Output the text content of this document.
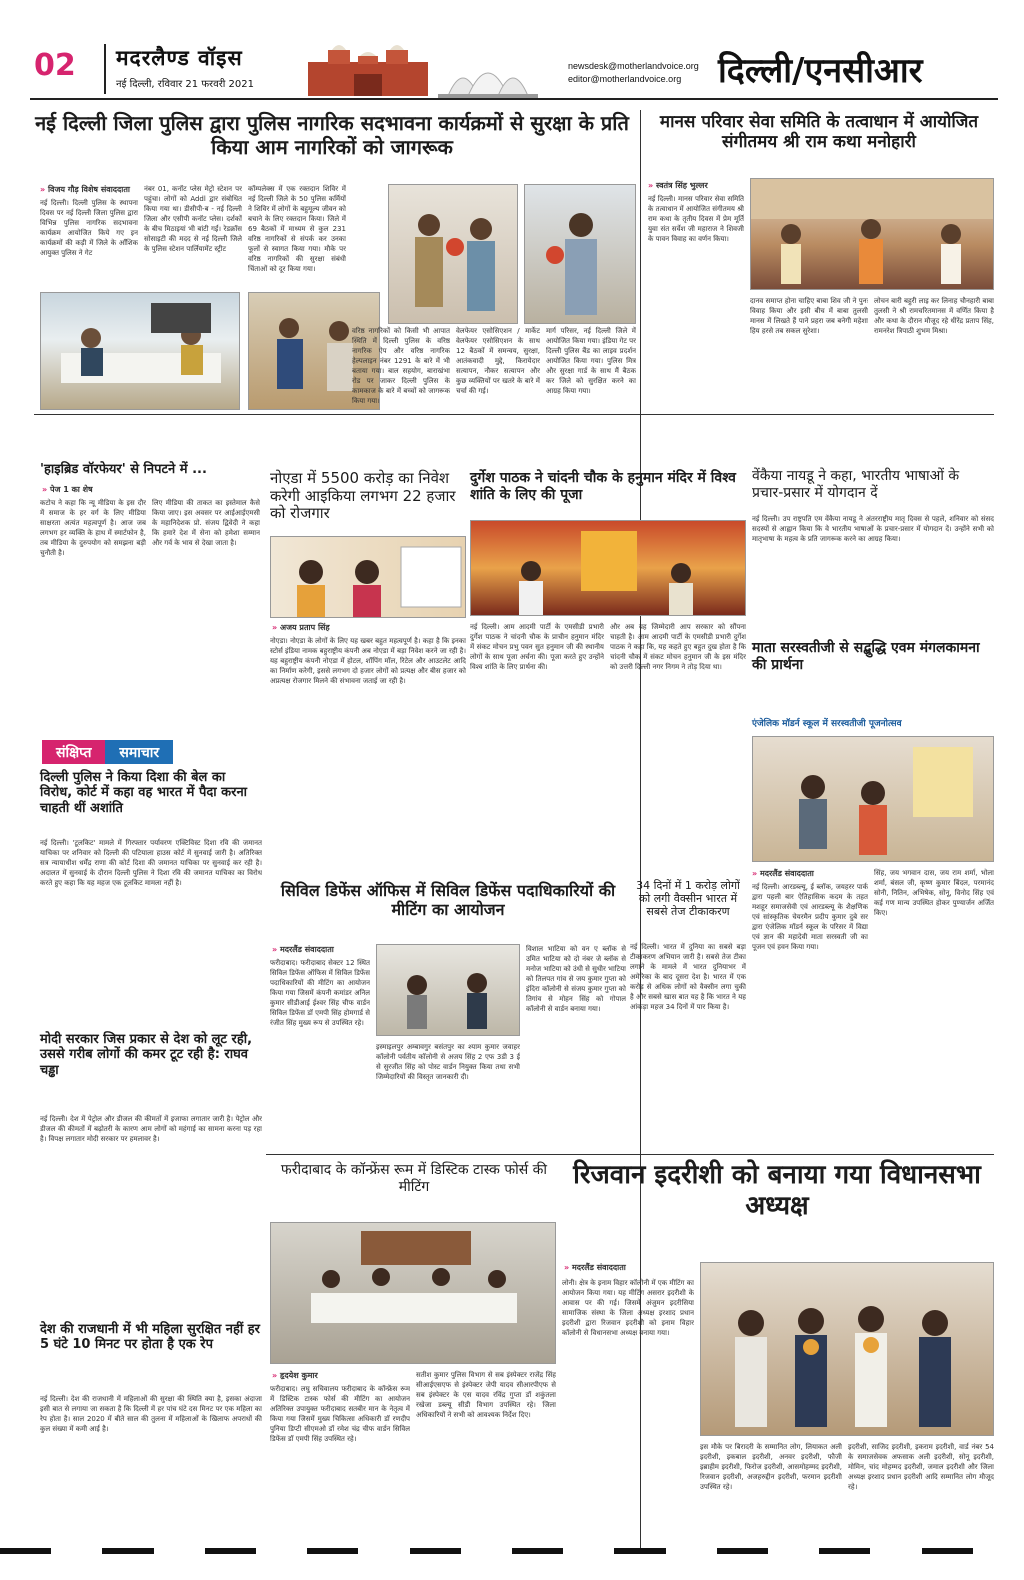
02 मदरलैण्ड वॉइस
नई दिल्ली, रविवार 21 फरवरी 2021
newsdesk@motherlandvoice.org
editor@motherlandvoice.org	दिल्ली/एनसीआर
नई दिल्ली जिला पुलिस द्वारा पुलिस नागरिक सदभावना कार्यक्रमों से सुरक्षा के प्रति किया आम नागरिकों को जागरूक
» विजय गौड़ विशेष संवाददाता
नई दिल्ली। दिल्ली पुलिस के स्थापना दिवस पर नई दिल्ली जिला पुलिस द्वारा विभिन्न पुलिस नागरिक सदभावना कार्यक्रम आयोजित किये गए इन कार्यक्रमों की कड़ी में जिले के आँशिक आयुक्त पुलिस ने गेट
नंबर 01, कनॉट प्लेस मेट्रो स्टेशन पर पहुंचा। लोगों को Addl द्वार संबोधित किया गया था। डीसीपी-ब - नई दिल्ली जिला और एसीपी कनॉट प्लेस। दर्शकों के बीच मिठाइयां भी बांटी गईं। रेडक्रॉस सोसाइटी की मदद से नई दिल्ली जिले के पुलिस स्टेशन पार्लियामेंट स्ट्रीट
कॉम्पलेक्स में एक रक्तदान शिविर में नई दिल्ली जिले के 50 पुलिस कर्मियों ने शिविर में लोगों के बहुमूल्य जीवन को बचाने के लिए रक्तदान किया। जिले में 69 बैठकों में माध्यम से कुल 231 वरिष्ठ नागरिकों से संपर्क कर उनका फूलों से स्वागत किया गया। मौके पर वरिष्ठ नागरिकों की सुरक्षा संबंधी चिंताओं को दूर किया गया।
वरिष्ठ नागरिकों को किसी भी आपात स्थिति में दिल्ली पुलिस के वरिष्ठ नागरिक ऐप और वरिष्ठ नागरिक हेल्पलाइन नंबर 1291 के बारे में भी बताया गया। बाल सहयोग, बाराखंभा रोड पर जाकर दिल्ली पुलिस के कामकाज के बारे में बच्चों को जागरूक किया गया।
वेलफेयर एसोसिएशन / मार्केट वेलफेयर एसोसिएशन के साथ 12 बैठकों में समन्वय, सुरक्षा, आतंकवादी मुद्दे, किरायेदार सत्यापन, नौकर सत्यापन और कुछ व्यक्तियों पर खतरे के बारे में चर्चा की गई।
मार्ग परिसर, नई दिल्ली जिले में आयोजित किया गया। इंडिया गेट पर दिल्ली पुलिस बैंड का लाइव प्रदर्शन आयोजित किया गया। पुलिस मित्र और सुरक्षा गार्ड के साथ मैं बैठक कर जिले को सुरक्षित करने का आग्रह किया गया।
मानस परिवार सेवा समिति के तत्वाधान में आयोजित संगीतमय श्री राम कथा मनोहारी
» स्वतंत्र सिंह भुल्लर
नई दिल्ली। मानस परिवार सेवा समिति के तत्वाधान में आयोजित संगीतमय श्री राम कथा के तृतीय दिवस में प्रेम मूर्ति युवा संत सर्वेश जी महाराज ने शिवजी के पावन विवाह का वर्णन किया।
दानव समाप्त होना चाहिए बाबा शिव जी ने पुनः विवाह किया और इसी बीच में बाबा तुलसी मानस में लिखते हैं पाने प्रहरा जब बनेगी महेशा हिय हरसे तब सकल सुरेशा।
लोचन बारी बहुरी लाइ कर लिनाह चौनहारी बाबा तुलसी ने श्री रामचरितमानस में वर्णित किया है और कथा के दौरान मौजूद रहे धीरेंद्र प्रताप सिंह, रामनरेश त्रिपाठी शुभम मिश्रा।
'हाइब्रिड वॉरफेयर' से निपटने में ...
» पेज 1 का शेष
कटोच ने कहा कि न्यू मीडिया के इस दौर में समाज के हर वर्ग के लिए मीडिया साक्षरता अत्यंत महत्वपूर्ण है। आज जब लगभग हर व्यक्ति के हाथ में स्मार्टफोन है, तब मीडिया के दुरुपयोग को समझना बड़ी चुनौती है।
लिए मीडिया की ताकत का इस्तेमाल कैसे किया जाए। इस अवसर पर आईआईएमसी के महानिदेशक प्रो. संजय द्विवेदी ने कहा कि हमारे देश में सेना को हमेशा सम्मान और गर्व के भाव से देखा जाता है।
नोएडा में 5500 करोड़ का निवेश करेगी आइकिया लगभग 22 हजार को रोजगार
» अजय प्रताप सिंह
नोएडा। नोएडा के लोगों के लिए यह खबर बहुत महत्वपूर्ण है। कहा है कि इनका स्टोर्स इंडिया नामक बहुराष्ट्रीय कंपनी अब नोएडा में बड़ा निवेश करने जा रही है। यह बहुराष्ट्रीय कंपनी नोएडा में होटल, शॉपिंग मॉल, रिटेल और आउटलेट आदि का निर्माण करेगी, इससे लगभग दो हजार लोगों को प्रत्यक्ष और बीस हजार को अप्रत्यक्ष रोजगार मिलने की संभावना जताई जा रही है।
दुर्गेश पाठक ने चांदनी चौक के हनुमान मंदिर में विश्व शांति के लिए की पूजा
नई दिल्ली। आम आदमी पार्टी के एमसीडी प्रभारी दुर्गेश पाठक ने चांदनी चौक के प्राचीन हनुमान मंदिर में संकट मोचन प्रभु पवन सुत हनुमान जी की स्थानीय लोगों के साथ पूजा अर्चना की। पूजा करते हुए उन्होंने विश्व शांति के लिए प्रार्थना की।
और अब यह जिम्मेदारी आप सरकार को सौंपना चाहती है। आम आदमी पार्टी के एमसीडी प्रभारी दुर्गेश पाठक ने कहा कि, यह कहते हुए बहुत दुख होता है कि चांदनी चौक में संकट मोचन हनुमान जी के इस मंदिर को उत्तरी दिल्ली नगर निगम ने तोड़ दिया था।
वेंकैया नायडू ने कहा, भारतीय भाषाओं के प्रचार-प्रसार में योगदान दें
नई दिल्ली। उप राष्ट्रपति एम वेंकैया नायडू ने अंतरराष्ट्रीय मातृ दिवस से पहले, शनिवार को संसद सदस्यों से आह्वान किया कि वे भारतीय भाषाओं के प्रचार-प्रसार में योगदान दें। उन्होंने सभी को मातृभाषा के महत्व के प्रति जागरूक करने का आग्रह किया।
माता सरस्वतीजी से सद्बुद्धि एवम मंगलकामना की प्रार्थना
एंजेलिक मॉडर्न स्कूल में सरस्वतीजी पूजनोत्सव
» मदरलैंड संवाददाता
नई दिल्ली। आरडब्ल्यू, ई ब्लॉक, जयहरर पार्क द्वारा पहली बार ऐतिहासिक कदम के तहत मशहूर समाजसेवी एवं आरडब्ल्यू के शैक्षणिक एवं सांस्कृतिक चेयरमैन प्रदीप कुमार दुबे सर द्वारा एंजेलिक मॉडर्न स्कूल के परिसर में विद्या एवं ज्ञान की महादेवी माता सरस्वती जी का पूजन एवं हवन किया गया।
सिंह, जय भगवान दास, जय राम शर्मा, भोला शर्मा, बंसल जी, कृष्ण कुमार बिंदल, परमानंद सोनी, नितिन, अभिषेक, सोनू, विनोद सिंह एवं कई गण मान्य उपस्थित होकर पुण्यार्जन अर्जित किए।
संक्षिप्त	समाचार
दिल्ली पुलिस ने किया दिशा की बेल का विरोध, कोर्ट में कहा वह भारत में पैदा करना चाहती थीं अशांति
नई दिल्ली। 'टूलकिट' मामले में गिरफ्तार पर्यावरण एक्टिविस्ट दिशा रवि की जमानत याचिका पर शनिवार को दिल्ली की पटियाला हाउस कोर्ट में सुनवाई जारी है। अतिरिक्त सत्र न्यायाधीश धर्मेंद्र राणा की कोर्ट दिशा की जमानत याचिका पर सुनवाई कर रही है। अदालत में सुनवाई के दौरान दिल्ली पुलिस ने दिशा रवि की जमानत याचिका का विरोध करते हुए कहा कि यह महज एक टूलकिट मामला नहीं है।
मोदी सरकार जिस प्रकार से देश को लूट रही, उससे गरीब लोगों की कमर टूट रही है: राघव चड्ढा
नई दिल्ली। देश में पेट्रोल और डीजल की कीमतों में इजाफा लगातार जारी है। पेट्रोल और डीजल की कीमतों में बढ़ोतरी के कारण आम लोगों को महंगाई का सामना करना पड़ रहा है। विपक्ष लगातार मोदी सरकार पर हमलावर है।
देश की राजधानी में भी महिला सुरक्षित नहीं हर 5 घंटे 10 मिनट पर होता है एक रेप
नई दिल्ली। देश की राजधानी में महिलाओं की सुरक्षा की स्थिति क्या है, इसका अंदाजा इसी बात से लगाया जा सकता है कि दिल्ली में हर पांच घंटे दस मिनट पर एक महिला का रेप होता है। साल 2020 में बीते साल की तुलना में महिलाओं के खिलाफ अपराधों की कुल संख्या में कमी आई है।
सिविल डिफेंस ऑफिस में सिविल डिफेंस पदाधिकारियों की मीटिंग का आयोजन
» मदरलैंड संवाददाता
फरीदाबाद। फरीदाबाद सेक्टर 12 स्थित सिविल डिफेंस ऑफिस में सिविल डिफेंस पदाधिकारियों की मीटिंग का आयोजन किया गया जिसमें कंपनी कमांडर अनिल कुमार सीडीआई ईश्वर सिंह चीफ वार्डन सिविल डिफेंस डॉ एमपी सिंह होमगार्ड से रंजीत सिंह मुख्य रूप से उपस्थित रहे।
इस्माइलपुर अम्बावगुर बसंतपुर का श्याम कुमार जवाहर कॉलोनी पर्वतीय कॉलोनी से अजय सिंह 2 एफ 3डी 3 ई से सुरजीत सिंह को पोस्ट वार्डन नियुक्त किया तथा सभी जिम्मेदारियों की विस्तृत जानकारी दी।
विशाल भाटिया को वन ए ब्लॉक से उमित भाटिया को दो नंबर जे ब्लॉक से मनोज भाटिया को उंधी से सुधीर भाटिया को तिलपत गांव से जय कुमार गुप्ता को इंदिरा कॉलोनी से संजय कुमार गुप्ता को तिगांव से मोहन सिंह को गोपाल कॉलोनी से वार्डन बनाया गया।
34 दिनों में 1 करोड़ लोगों को लगी वैक्सीन भारत में सबसे तेज टीकाकरण
नई दिल्ली। भारत में दुनिया का सबसे बड़ा टीकाकरण अभियान जारी है। सबसे तेज टीका लगाने के मामले में भारत दुनियाभर में अमेरिका के बाद दूसरा देश है। भारत में एक करोड़ से अधिक लोगों को वैक्सीन लगा चुकी है और सबसे खास बात यह है कि भारत ने यह आंकड़ा महज 34 दिनों में पार किया है।
फरीदाबाद के कॉन्फ्रेंस रूम में डिस्टिक टास्क फोर्स की मीटिंग
» हृदयेश कुमार
फरीदाबाद। लघु सचिवालय फरीदाबाद के कॉन्फ्रेंस रूम में डिस्टिक टास्क फोर्स की मीटिंग का आयोजन अतिरिक्त उपायुक्त फरीदाबाद सतबीर मान के नेतृत्व में किया गया जिसमें मुख्य चिकित्सा अधिकारी डॉ रणदीप पुनिया डिप्टी सीएमओ डॉ रमेश चंद्र चीफ वार्डन सिविल डिफेंस डॉ एमपी सिंह उपस्थित रहे।
सतीश कुमार पुलिस विभाग से सब इंस्पेक्टर राजेंद्र सिंह सीआईएसएफ से इंस्पेक्टर जेपी यादव सीआरपीएफ से सब इंस्पेक्टर के एस यादव रविंद्र गुप्ता डॉ शकुंतला रखेजा डब्ल्यू सीडी विभाग उपस्थित रहे। जिला अधिकारियों ने सभी को आवश्यक निर्देश दिए।
रिजवान इदरीशी को बनाया गया विधानसभा अध्यक्ष
» मदरलैंड संवाददाता
लोनी। क्षेत्र के इनाम विहार कॉलोनी में एक मीटिंग का आयोजन किया गया। यह मीटिंग असरार इदरीशी के आवास पर की गई। जिसमें अंजुमन इदरीसिया सामाजिक संस्था के जिला अध्यक्ष इरशाद प्रधान इदरीशी द्वारा रिजवान इदरीशी को इनाम विहार कॉलोनी से विधानसभा अध्यक्ष बनाया गया।
इस मौके पर बिरादरी के सम्मानित लोग, लियाकत अली इदरीशी, इकबाल इदरीशी, अनवर इदरीशी, फौजी इब्राहीम इदरीशी, फिरोज इदरीशी, आसमोहम्मद इदरीशी, रिजवान इदरीशी, अजहरुद्दीन इदरीशी, फरमान इदरीशी उपस्थित रहे।
इदरीशी, साजिद इदरीशी, इकराम इदरीशी, वार्ड नंबर 54 के समाजसेवक अफसाक अली इदरीशी, सोनू इदरीशी, मोमिन, चांद मोहम्मद इदरीशी, जमाल इदरीशी और जिला अध्यक्ष इरशाद प्रधान इदरीशी आदि सम्मानित लोग मौजूद रहे।
